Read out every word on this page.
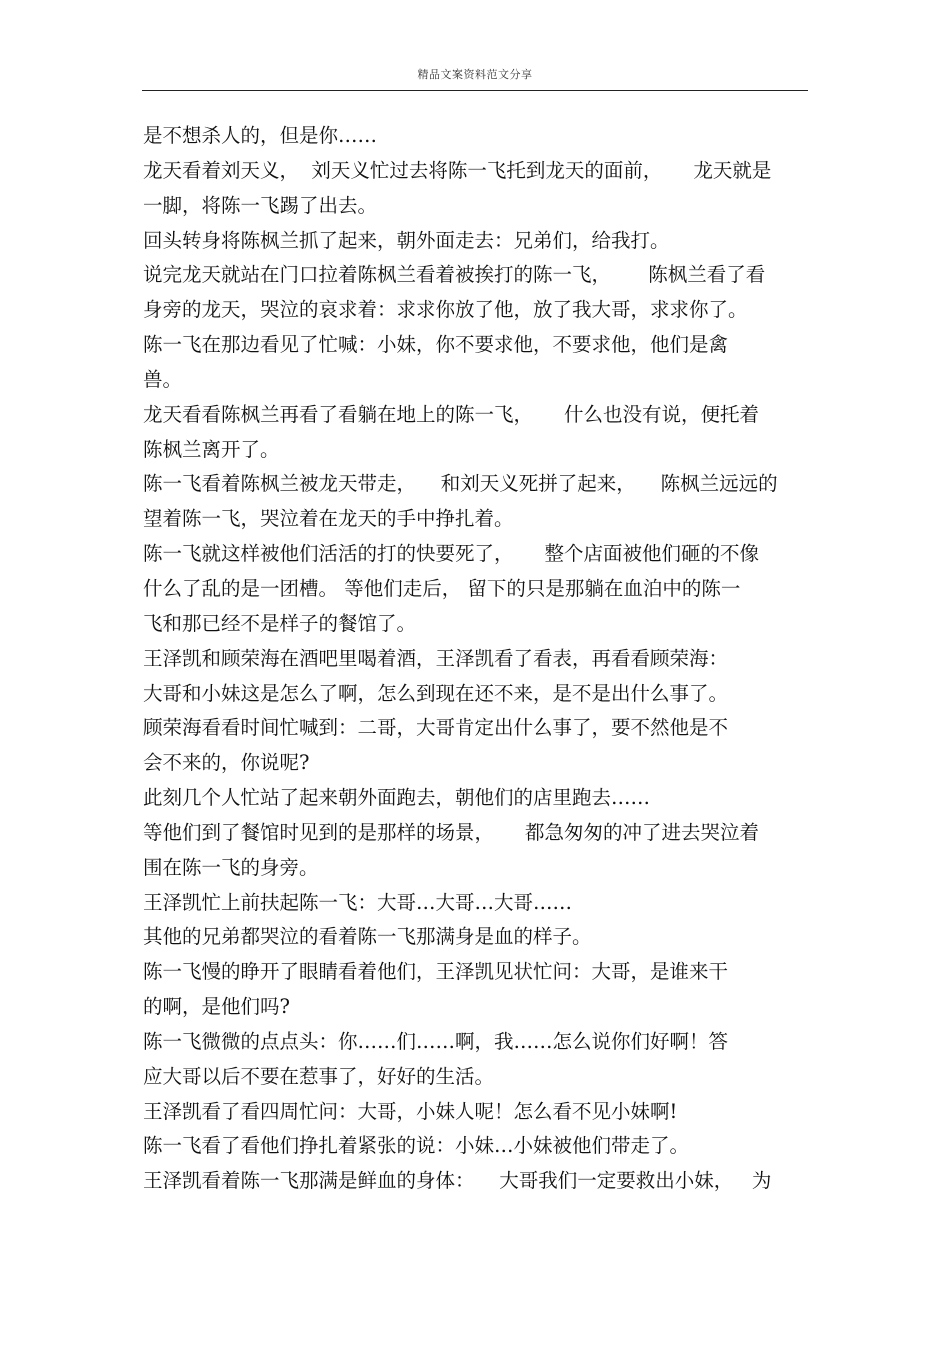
精品文案资料范文分享
是不想杀人的，但是你……
龙天看着刘天义，  刘天义忙过去将陈一飞托到龙天的面前，     龙天就是
一脚，将陈一飞踢了出去。
回头转身将陈枫兰抓了起来，朝外面走去：兄弟们，给我打。
说完龙天就站在门口拉着陈枫兰看着被挨打的陈一飞，      陈枫兰看了看
身旁的龙天，哭泣的哀求着：求求你放了他，放了我大哥，求求你了。
陈一飞在那边看见了忙喊：小妹，你不要求他，不要求他，他们是禽
兽。
龙天看看陈枫兰再看了看躺在地上的陈一飞，     什么也没有说，便托着
陈枫兰离开了。
陈一飞看着陈枫兰被龙天带走，    和刘天义死拼了起来，    陈枫兰远远的
望着陈一飞，哭泣着在龙天的手中挣扎着。
陈一飞就这样被他们活活的打的快要死了，     整个店面被他们砸的不像
什么了乱的是一团槽。 等他们走后， 留下的只是那躺在血泊中的陈一
飞和那已经不是样子的餐馆了。
王泽凯和顾荣海在酒吧里喝着酒，王泽凯看了看表，再看看顾荣海：
大哥和小妹这是怎么了啊，怎么到现在还不来，是不是出什么事了。
顾荣海看看时间忙喊到：二哥，大哥肯定出什么事了，要不然他是不
会不来的，你说呢?
此刻几个人忙站了起来朝外面跑去，朝他们的店里跑去……
等他们到了餐馆时见到的是那样的场景，     都急匆匆的冲了进去哭泣着
围在陈一飞的身旁。
王泽凯忙上前扶起陈一飞：大哥…大哥…大哥……
其他的兄弟都哭泣的看着陈一飞那满身是血的样子。
陈一飞慢的睁开了眼睛看着他们，王泽凯见状忙问：大哥，是谁来干
的啊，是他们吗?
陈一飞微微的点点头：你……们……啊，我……怎么说你们好啊！答
应大哥以后不要在惹事了，好好的生活。
王泽凯看了看四周忙问：大哥，小妹人呢！怎么看不见小妹啊!
陈一飞看了看他们挣扎着紧张的说：小妹…小妹被他们带走了。
王泽凯看着陈一飞那满是鲜血的身体：    大哥我们一定要救出小妹，   为
